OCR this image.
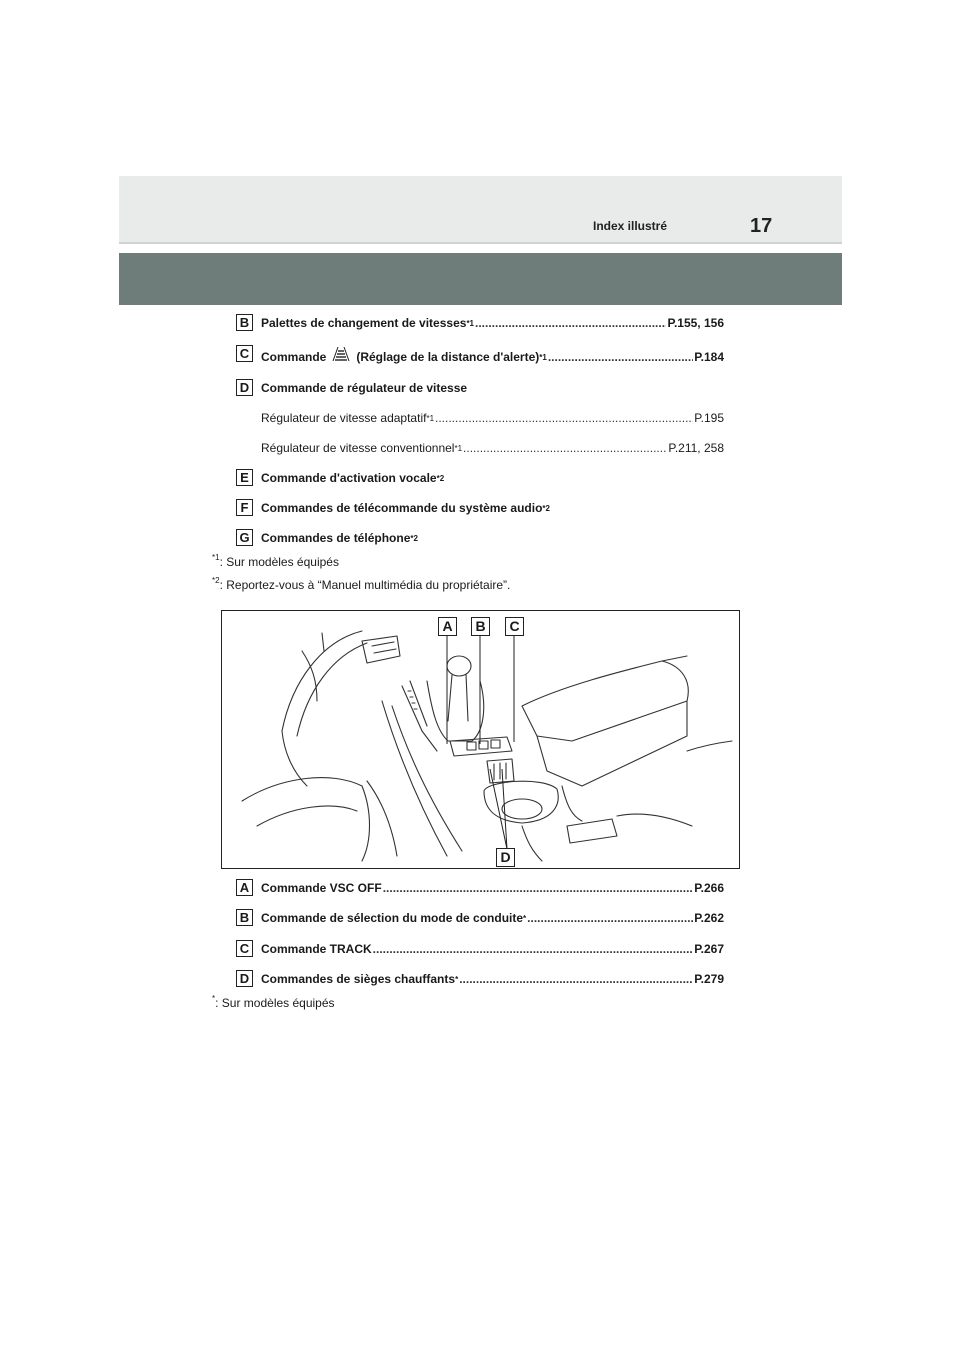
Index illustré	17
B Palettes de changement de vitesses$^{*1}$ .....	P.155, 156
C Commande	(Réglage de la distance d'alerte)$^{*1}$ .....	P.184
D Commande de régulateur de vitesse
Régulateur de vitesse adaptatif$^{*1}$ .....	P.195
Régulateur de vitesse conventionnel$^{*1}$ .....	P.211, 258
E	Commande d'activation vocale$^{*2}$
F	Commandes de télécommande du système audio$^{*2}$
G Commandes de téléphone$^{*2}$
$^{*1}$: Sur modèles équipés
$^{*2}$: Reportez-vous à “Manuel multimédia du propriétaire”.
A	B	C
D
A Commande VSC OFF .....	P.266
B Commande de sélection du mode de conduite* .....	P.262
C Commande TRACK .....	P.267
D Commandes de sièges chauffants* .....	P.279
*: Sur modèles équipés
